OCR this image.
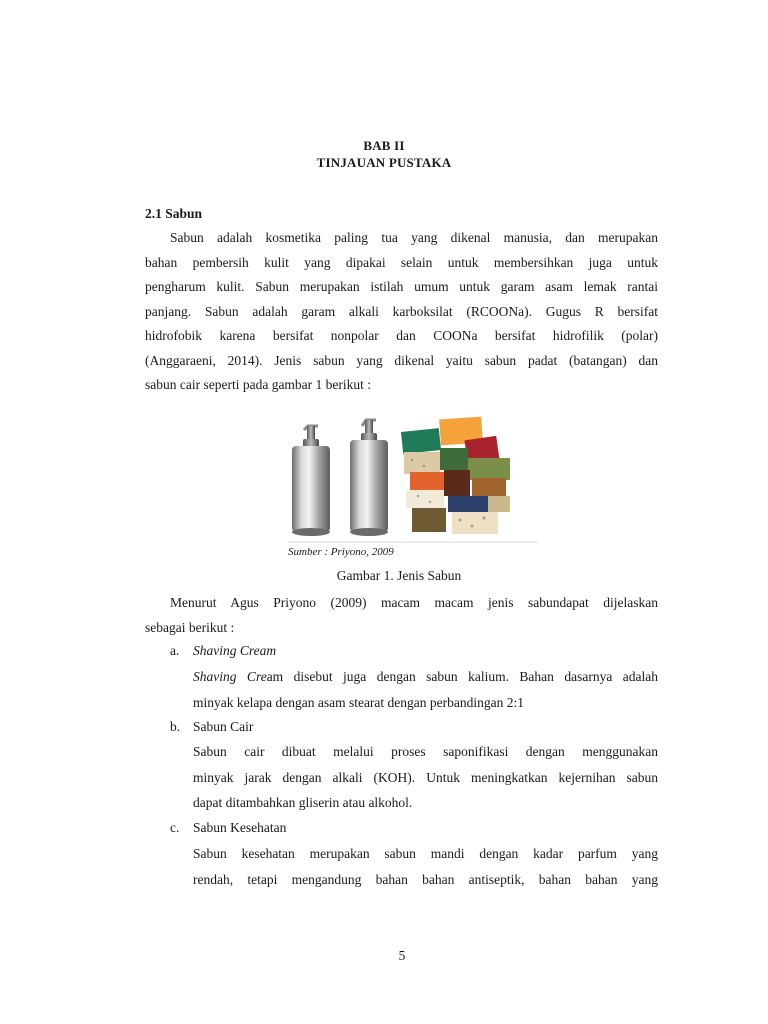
BAB II
TINJAUAN PUSTAKA
2.1 Sabun
Sabun adalah kosmetika paling tua yang dikenal manusia, dan merupakan
bahan pembersih kulit yang dipakai selain untuk membersihkan juga untuk
pengharum kulit. Sabun merupakan istilah umum untuk garam asam lemak rantai
panjang. Sabun adalah garam alkali karboksilat (RCOONa). Gugus R bersifat
hidrofobik karena bersifat nonpolar dan COONa bersifat hidrofilik (polar)
(Anggaraeni, 2014). Jenis sabun yang dikenal yaitu sabun padat (batangan) dan
sabun cair seperti pada gambar 1 berikut :
Sumber : Priyono, 2009
Gambar 1. Jenis Sabun
Menurut Agus Priyono (2009) macam macam jenis sabundapat dijelaskan
sebagai berikut :
a. Shaving Cream
Shaving Cream disebut juga dengan sabun kalium. Bahan dasarnya adalah
minyak kelapa dengan asam stearat dengan perbandingan 2:1
b. Sabun Cair
Sabun cair dibuat melalui proses saponifikasi dengan menggunakan
minyak jarak dengan alkali (KOH). Untuk meningkatkan kejernihan sabun
dapat ditambahkan gliserin atau alkohol.
c. Sabun Kesehatan
Sabun kesehatan merupakan sabun mandi dengan kadar parfum yang
rendah, tetapi mengandung bahan bahan antiseptik, bahan bahan yang
5
